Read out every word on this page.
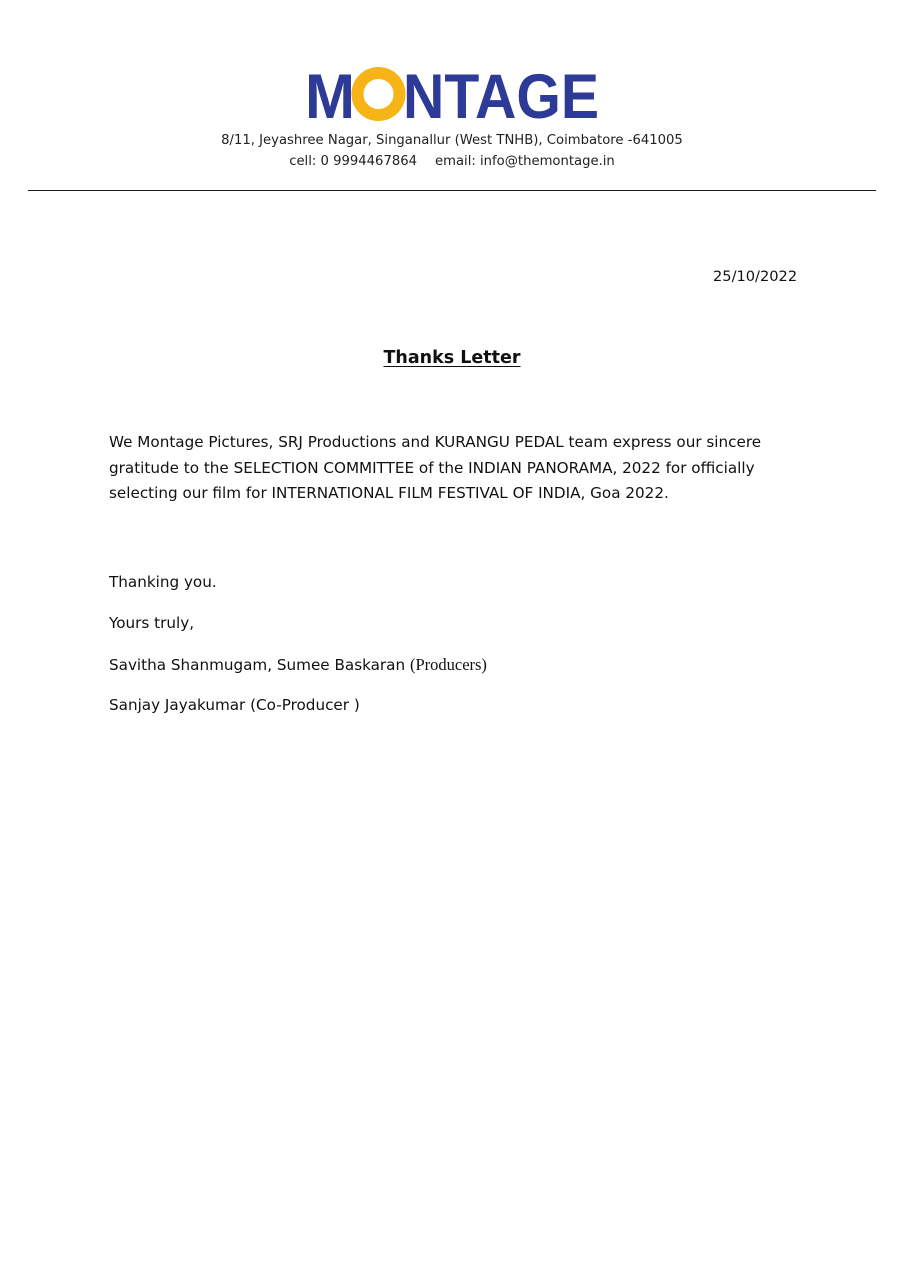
M NTAGE
8/11, Jeyashree Nagar, Singanallur (West TNHB), Coimbatore -641005
cell: 0 9994467864 email: info@themontage.in
25/10/2022
Thanks Letter
We Montage Pictures, SRJ Productions and KURANGU PEDAL team express our sincere
gratitude to the SELECTION COMMITTEE of the INDIAN PANORAMA, 2022 for officially
selecting our film for INTERNATIONAL FILM FESTIVAL OF INDIA, Goa 2022.
Thanking you.
Yours truly,
Savitha Shanmugam, Sumee Baskaran (Producers)
Sanjay Jayakumar (Co-Producer )
